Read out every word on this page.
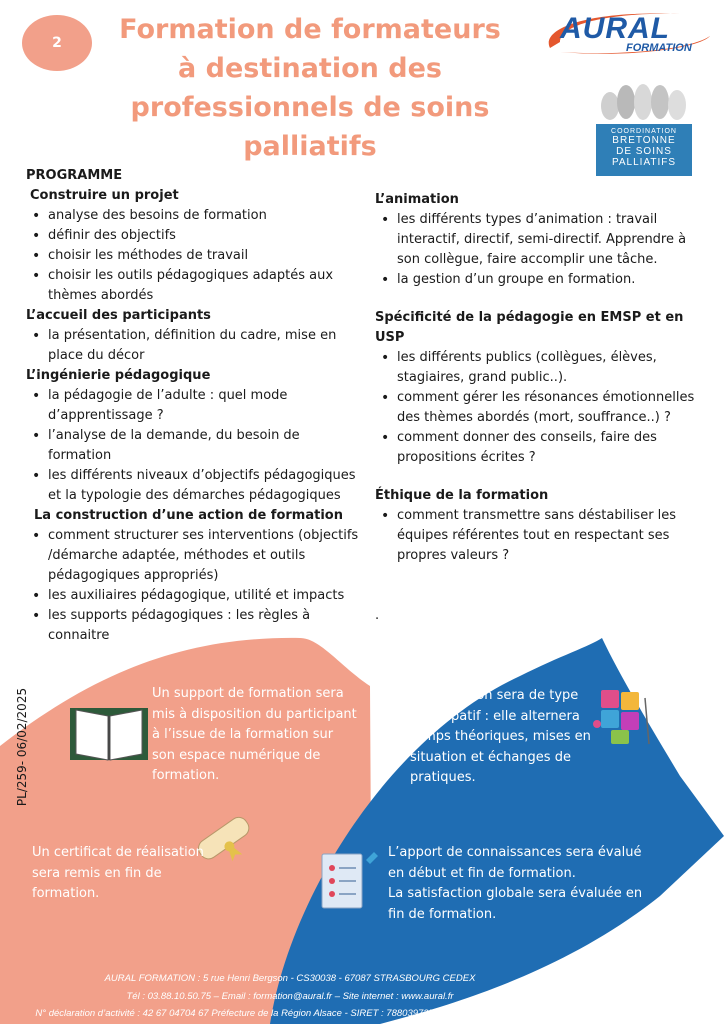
2	Formation de formateurs
à destination des
professionnels de soins
palliatifs
AURAL
FORMATION
COORDINATION
BRETONNE
DE SOINS
PALLIATIFS

PROGRAMME

Construire un projet

• analyse des besoins de formation
• définir des objectifs
• choisir les méthodes de travail
• choisir les outils pédagogiques adaptés aux thèmes abordés

L’accueil des participants

• la présentation, définition du cadre, mise en place du décor

L’ingénierie pédagogique

• la pédagogie de l’adulte : quel mode d’apprentissage ?
• l’analyse de la demande, du besoin de formation
• les différents niveaux d’objectifs pédagogiques et la typologie des démarches pédagogiques

La construction d’une action de formation

• comment structurer ses interventions (objectifs /démarche adaptée, méthodes et outils pédagogiques appropriés)
• les auxiliaires pédagogique, utilité et impacts
• les supports pédagogiques : les règles à connaitre

L’animation

• les différents types d’animation : travail interactif, directif, semi-directif. Apprendre à son collègue, faire accomplir une tâche.
• la gestion d’un groupe en formation.

Spécificité de la pédagogie en EMSP et en USP

• les différents publics (collègues, élèves, stagiaires, grand public..).
• comment gérer les résonances émotionnelles des thèmes abordés (mort, souffrance..) ?
• comment donner des conseils, faire des propositions écrites ?

Éthique de la formation

• comment transmettre sans déstabiliser les équipes référentes tout en respectant ses propres valeurs ?
.
PL/259- 06/02/2025	Un support de formation sera
mis à disposition du participant
à l’issue de la formation sur
son espace numérique de
formation.
La formation sera de type
participatif : elle alternera
temps théoriques, mises en
situation et échanges de
pratiques.
Un certificat de réalisation
sera remis en fin de
formation.
L’apport de connaissances sera évalué
en début et fin de formation.
La satisfaction globale sera évaluée en
fin de formation.
AURAL FORMATION : 5 rue Henri Bergson - CS30038 - 67087 STRASBOURG CEDEX
Tél : 03.88.10.50.75 – Email : formation@aural.fr – Site internet : www.aural.fr
N° déclaration d’activité : 42 67 04704 67 Préfecture de la Région Alsace - SIRET : 78803972500189 – Code NAF 8610Z
